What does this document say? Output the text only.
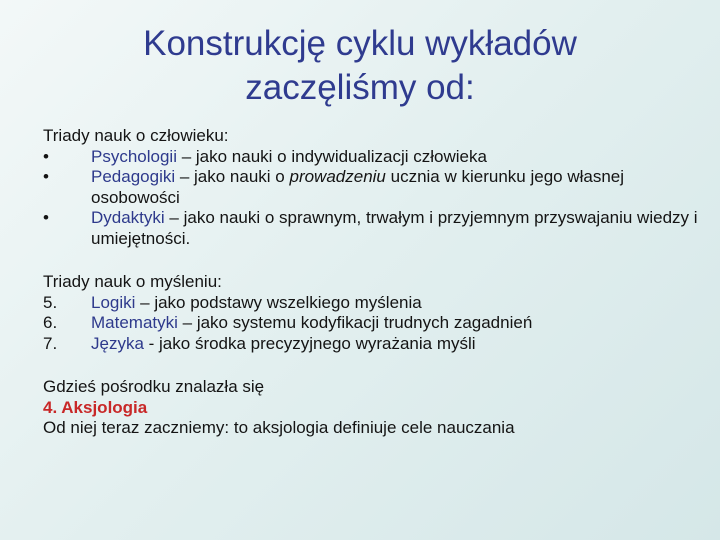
Konstrukcję cyklu wykładów
zaczęliśmy od:
Triady nauk o człowieku:
•	Psychologii – jako nauki o indywidualizacji człowieka
•	Pedagogiki – jako nauki o prowadzeniu ucznia w kierunku jego własnej osobowości
•	Dydaktyki – jako nauki o sprawnym, trwałym i przyjemnym przyswajaniu wiedzy i umiejętności.
Triady nauk o myśleniu:
5.	Logiki – jako podstawy wszelkiego myślenia
6.	Matematyki – jako systemu kodyfikacji trudnych zagadnień
7.	Języka - jako środka precyzyjnego wyrażania myśli
Gdzieś pośrodku znalazła się
4. Aksjologia
Od niej teraz zaczniemy: to aksjologia definiuje cele nauczania
